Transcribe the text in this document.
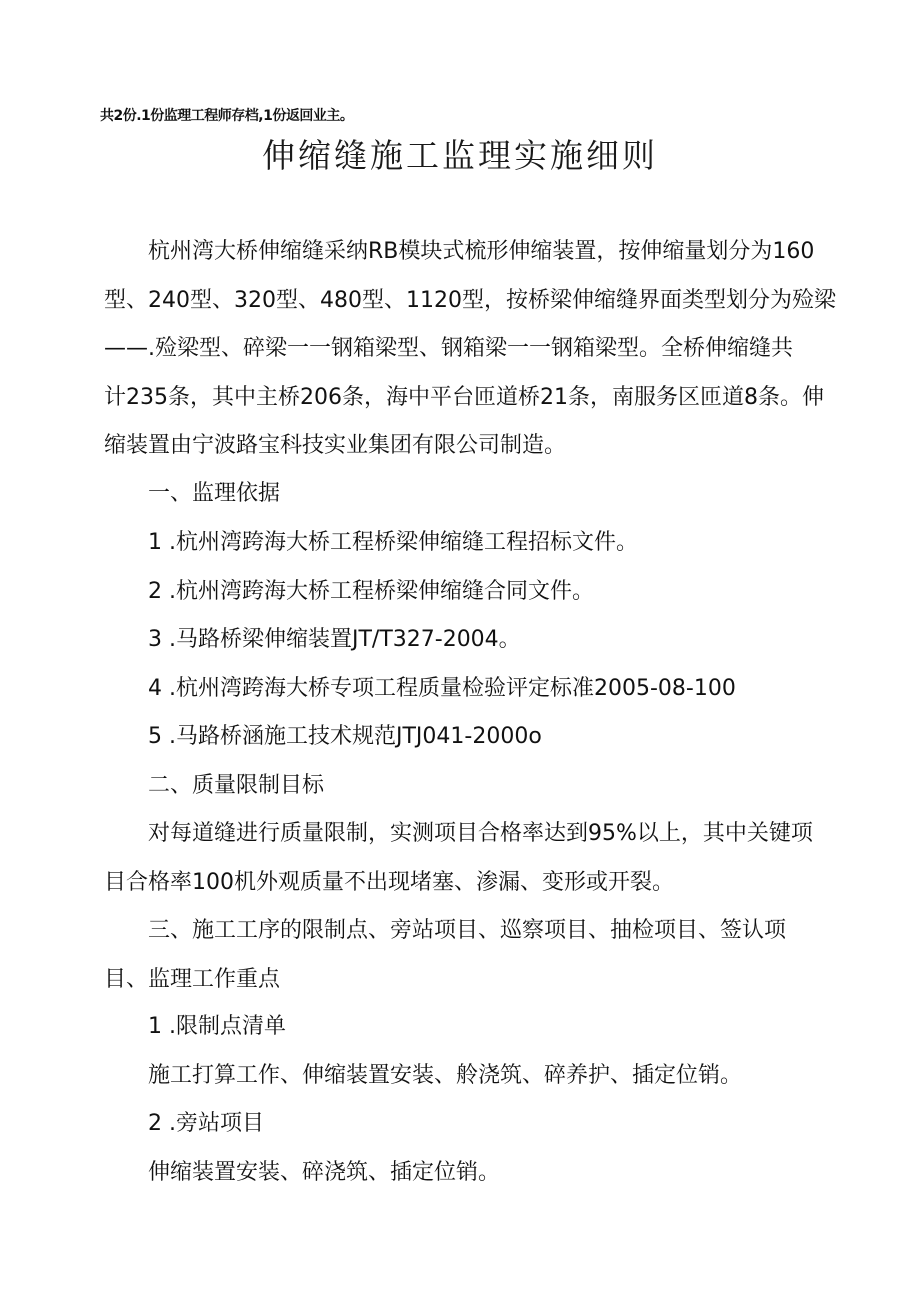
共2份.1份监理工程师存档,1份返回业主。
伸缩缝施工监理实施细则
杭州湾大桥伸缩缝采纳RB模块式梳形伸缩装置，按伸缩量划分为160
型、240型、320型、480型、1120型，按桥梁伸缩缝界面类型划分为殓梁
——.殓梁型、碎梁一一钢箱梁型、钢箱梁一一钢箱梁型。全桥伸缩缝共
计235条，其中主桥206条，海中平台匝道桥21条，南服务区匝道8条。伸
缩装置由宁波路宝科技实业集团有限公司制造。
一、监理依据
1 .杭州湾跨海大桥工程桥梁伸缩缝工程招标文件。
2 .杭州湾跨海大桥工程桥梁伸缩缝合同文件。
3 .马路桥梁伸缩装置JT/T327-2004。
4 .杭州湾跨海大桥专项工程质量检验评定标准2005-08-100
5 .马路桥涵施工技术规范JTJ041-2000o
二、质量限制目标
对每道缝进行质量限制，实测项目合格率达到95%以上，其中关键项
目合格率100机外观质量不出现堵塞、渗漏、变形或开裂。
三、施工工序的限制点、旁站项目、巡察项目、抽检项目、签认项
目、监理工作重点
1 .限制点清单
施工打算工作、伸缩装置安装、舲浇筑、碎养护、插定位销。
2 .旁站项目
伸缩装置安装、碎浇筑、插定位销。
